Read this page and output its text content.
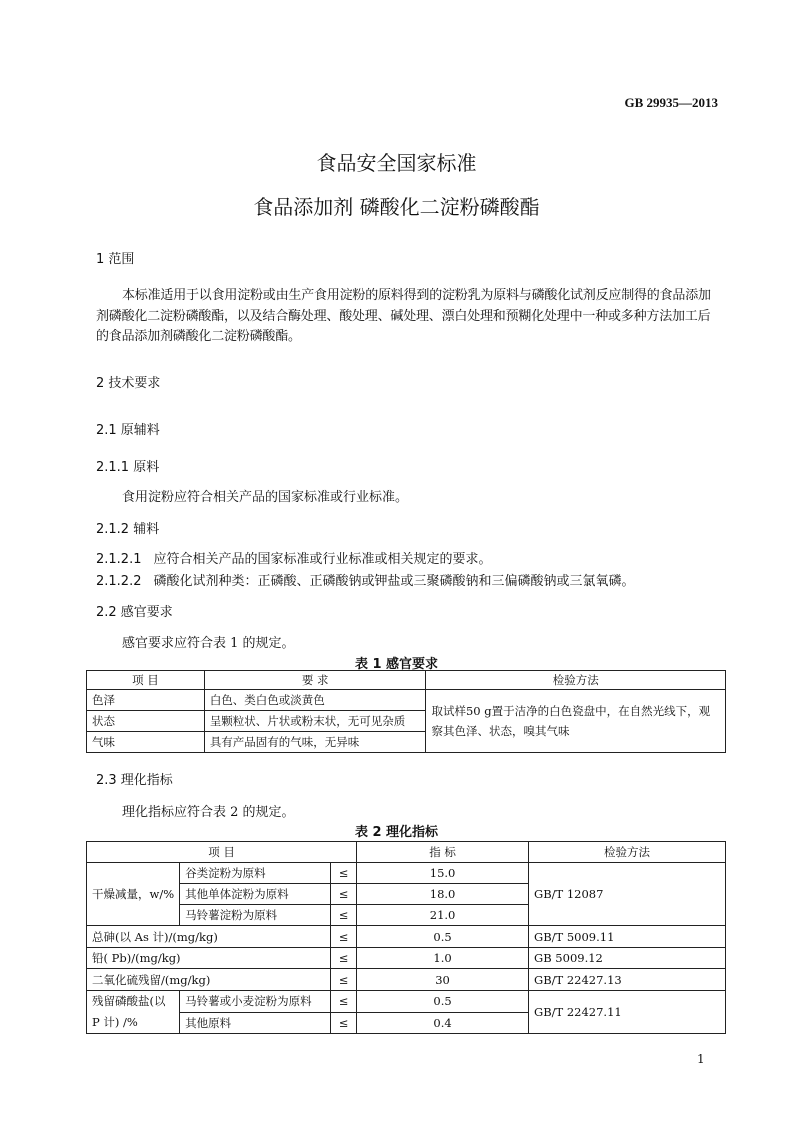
GB 29935—2013
食品安全国家标准
食品添加剂 磷酸化二淀粉磷酸酯
1 范围
本标准适用于以食用淀粉或由生产食用淀粉的原料得到的淀粉乳为原料与磷酸化试剂反应制得的食品添加剂磷酸化二淀粉磷酸酯，以及结合酶处理、酸处理、碱处理、漂白处理和预糊化处理中一种或多种方法加工后的食品添加剂磷酸化二淀粉磷酸酯。
2 技术要求
2.1 原辅料
2.1.1 原料
食用淀粉应符合相关产品的国家标准或行业标准。
2.1.2 辅料
2.1.2.1 应符合相关产品的国家标准或行业标准或相关规定的要求。
2.1.2.2 磷酸化试剂种类：正磷酸、正磷酸钠或钾盐或三聚磷酸钠和三偏磷酸钠或三氯氧磷。
2.2 感官要求
感官要求应符合表 1 的规定。
表 1 感官要求
项 目	要 求	检验方法
色泽	白色、类白色或淡黄色	取试样50 g置于洁净的白色瓷盘中，在自然光线下，观察其色泽、状态，嗅其气味
状态	呈颗粒状、片状或粉末状，无可见杂质	
气味	具有产品固有的气味，无异味	
2.3 理化指标
理化指标应符合表 2 的规定。
表 2 理化指标
项 目			指 标	检验方法
干燥减量，w/%	谷类淀粉为原料	≤	15.0	GB/T 12087
	其他单体淀粉为原料	≤	18.0	
	马铃薯淀粉为原料	≤	21.0	
总砷(以 As 计)/(mg/kg)		≤	0.5	GB/T 5009.11
铅( Pb)/(mg/kg)		≤	1.0	GB 5009.12
二氧化硫残留/(mg/kg)		≤	30	GB/T 22427.13
残留磷酸盐(以 P 计) /%	马铃薯或小麦淀粉为原料	≤	0.5	GB/T 22427.11
	其他原料	≤	0.4	
1
